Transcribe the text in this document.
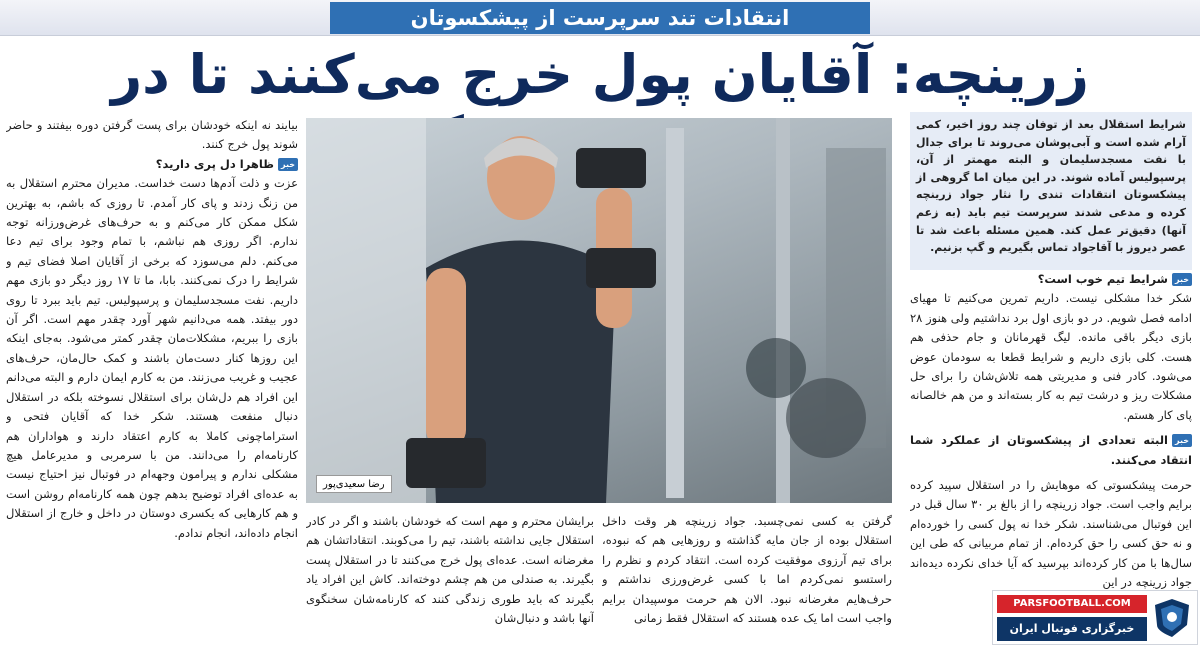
انتقادات تند سرپرست از پیشکسوتان
زرینچه: آقایان پول خرج می‌کنند تا در
شرایط استقلال بعد از توفان چند روز اخیر، کمی آرام شده است و آبی‌پوشان می‌روند تا برای جدال با نفت مسجدسلیمان و البته مهمتر از آن، پرسپولیس آماده شوند. در این میان اما گروهی از پیشکسوتان انتقادات تندی را نثار جواد زرینچه کرده و مدعی شدند سرپرست تیم باید (به زعم آنها) دقیق‌تر عمل کند. همین مسئله باعث شد تا عصر دیروز با آقاجواد تماس بگیریم و گپ بزنیم.
خبرشرایط تیم خوب است؟
شکر خدا مشکلی نیست. داریم تمرین می‌کنیم تا مهیای ادامه فصل شویم. در دو بازی اول برد نداشتیم ولی هنوز ۲۸ بازی دیگر باقی مانده. لیگ قهرمانان و جام حذفی هم هست. کلی بازی داریم و شرایط قطعا به سودمان عوض می‌شود. کادر فنی و مدیریتی همه تلاش‌شان را برای حل مشکلات ریز و درشت تیم به کار بسته‌اند و من هم خالصانه پای کار هستم.
خبرالبته تعدادی از پیشکسوتان از عملکرد شما انتقاد می‌کنند.
حرمت پیشکسوتی که موهایش را در استقلال سپید کرده برایم واجب است. جواد زرینچه را از بالغ بر ۳۰ سال قبل در این فوتبال می‌شناسند. شکر خدا نه پول کسی را خورده‌ام و نه حق کسی را حق کرده‌ام. از تمام مربیانی که طی این سال‌ها با من کار کرده‌اند بپرسید که آیا خدای نکرده دیده‌اند جواد زرینچه در این
رضا سعیدی‌پور
گرفتن به کسی نمی‌چسبد. جواد زرینچه هر وقت داخل استقلال بوده از جان مایه گذاشته و روزهایی هم که نبوده، برای تیم آرزوی موفقیت کرده است. انتقاد کردم و نظرم را راستسو نمی‌کردم اما با کسی غرض‌ورزی نداشتم و حرف‌هایم مغرضانه نبود. الان هم حرمت موسپیدان برایم واجب است اما یک عده هستند که استقلال فقط زمانی
برایشان محترم و مهم است که خودشان باشند و اگر در کادر استقلال جایی نداشته باشند، تیم را می‌کوبند. انتقاداتشان هم مغرضانه است. عده‌ای پول خرج می‌کنند تا در استقلال پست بگیرند. به صندلی من هم چشم دوخته‌اند. کاش این افراد یاد بگیرند که باید طوری زندگی کنند که کارنامه‌شان سخنگوی آنها باشد و دنبال‌شان
بیایند نه اینکه خودشان برای پست گرفتن دوره بیفتند و حاضر شوند پول خرج کنند.
خبرظاهرا دل پری دارید؟
عزت و ذلت آدم‌ها دست خداست. مدیران محترم استقلال به من زنگ زدند و پای کار آمدم. تا روزی که باشم، به بهترین شکل ممکن کار می‌کنم و به حرف‌های غرض‌ورزانه توجه ندارم. اگر روزی هم نباشم، با تمام وجود برای تیم دعا می‌کنم. دلم می‌سوزد که برخی از آقایان اصلا فضای تیم و شرایط را درک نمی‌کنند. بابا، ما تا ۱۷ روز دیگر دو بازی مهم داریم. نفت مسجدسلیمان و پرسپولیس. تیم باید ببرد تا روی دور بیفتد. همه می‌دانیم شهر آورد چقدر مهم است. اگر آن بازی را ببریم، مشکلات‌مان چقدر کمتر می‌شود. به‌جای اینکه این روزها کنار دست‌مان باشند و کمک حال‌مان، حرف‌های عجیب و غریب می‌زنند. من به کارم ایمان دارم و البته می‌دانم این افراد هم دل‌شان برای استقلال نسوخته بلکه در استقلال دنبال منفعت هستند. شکر خدا که آقایان فتحی و استراماچونی کاملا به کارم اعتقاد دارند و هواداران هم کارنامه‌ام را می‌دانند. من با سرمربی و مدیرعامل هیچ مشکلی ندارم و پیرامون وجهه‌ام در فوتبال نیز احتیاج نیست به عده‌ای افراد توضیح بدهم چون همه کارنامه‌ام روشن است و هم کارهایی که یکسری دوستان در داخل و خارج از استقلال انجام داده‌اند، انجام ندادم.
PARSFOOTBALL.COM
خبرگزاری فوتبال ایران
